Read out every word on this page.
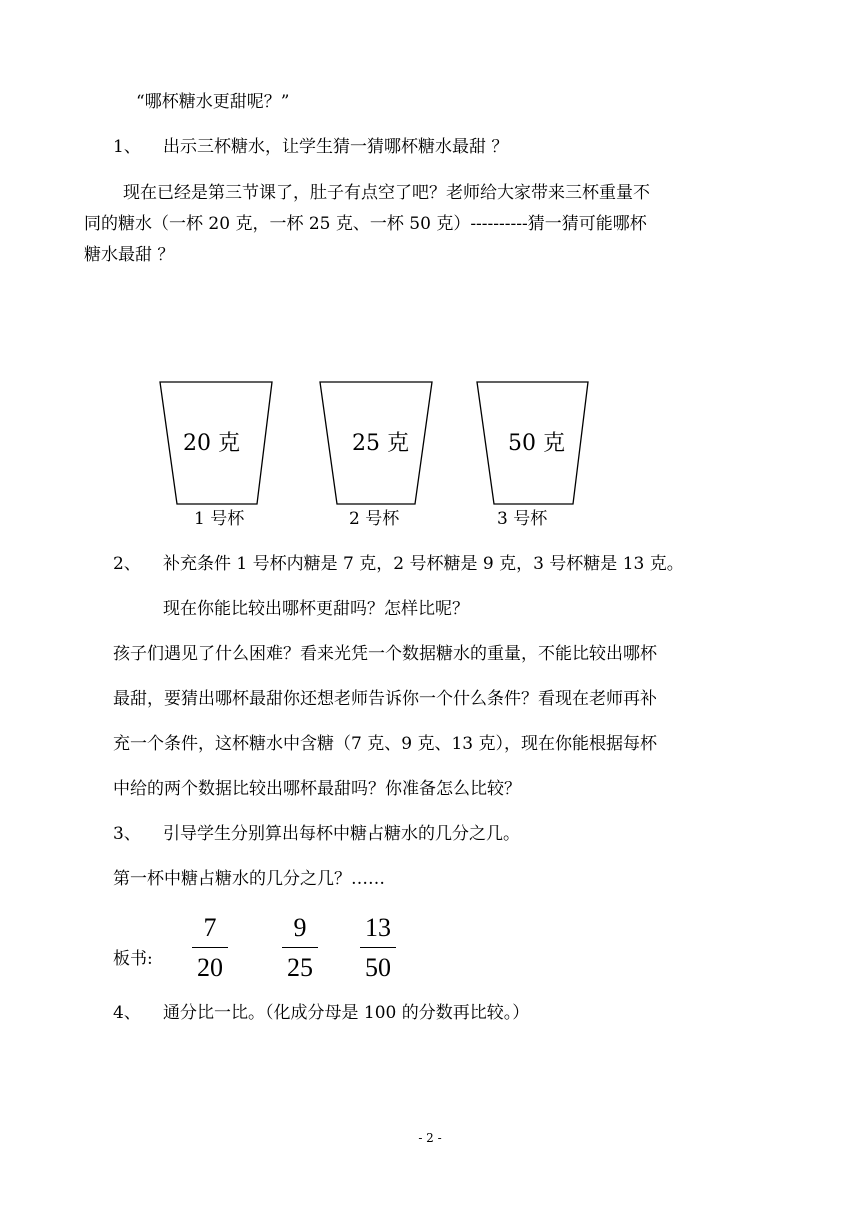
“哪杯糖水更甜呢？”
1、 出示三杯糖水，让学生猜一猜哪杯糖水最甜 ？
现在已经是第三节课了，肚子有点空了吧？老师给大家带来三杯重量不
同的糖水（一杯 20 克，一杯 25 克、一杯 50 克）----------猜一猜可能哪杯
糖水最甜 ？
20 克	25 克	50 克
1 号杯	2 号杯	3 号杯
2、 补充条件 1 号杯内糖是 7 克，2 号杯糖是 9 克，3 号杯糖是 13 克。
现在你能比较出哪杯更甜吗？怎样比呢？
孩子们遇见了什么困难？看来光凭一个数据糖水的重量，不能比较出哪杯
最甜，要猜出哪杯最甜你还想老师告诉你一个什么条件？看现在老师再补
充一个条件，这杯糖水中含糖（7 克、9 克、13 克），现在你能根据每杯
中给的两个数据比较出哪杯最甜吗？你准备怎么比较？
3、 引导学生分别算出每杯中糖占糖水的几分之几。
第一杯中糖占糖水的几分之几？……
板书:
7
20
9
25
13
50
4、 通分比一比。（化成分母是 100 的分数再比较。）
- 2 -
